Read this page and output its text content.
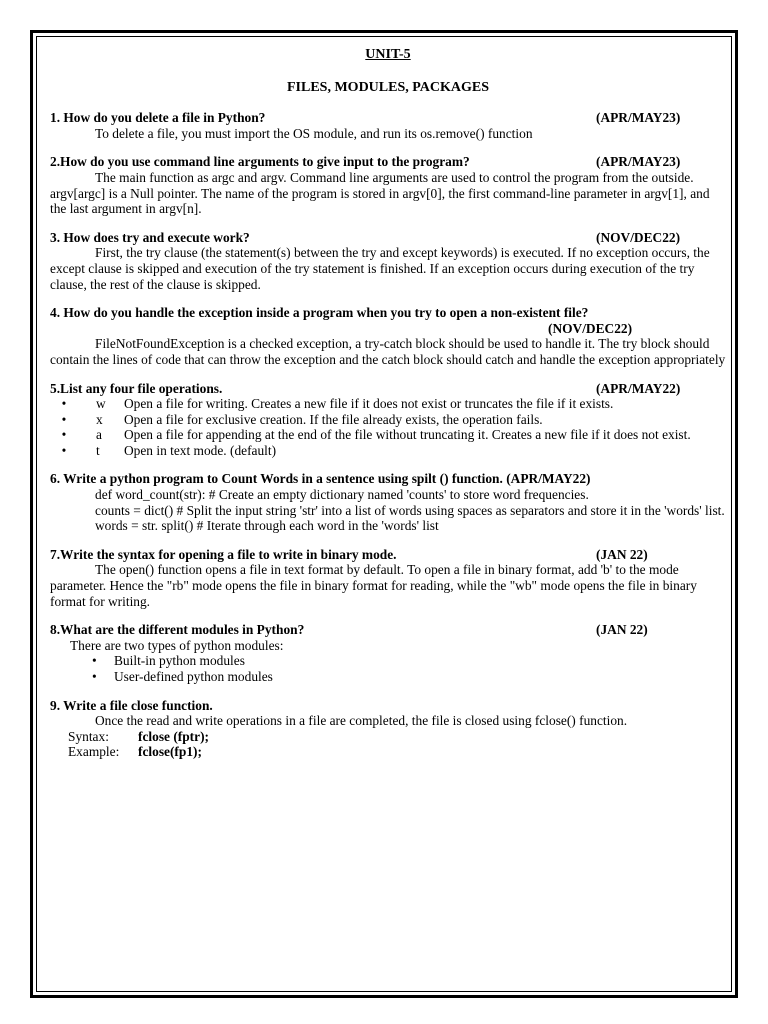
UNIT-5
FILES, MODULES, PACKAGES
1. How do you delete a file in Python?	(APR/MAY23)

To delete a file, you must import the OS module, and run its os.remove() function

2.How do you use command line arguments to give input to the program?	(APR/MAY23)

The main function as argc and argv. Command line arguments are used to control the program from the outside. argv[argc] is a Null pointer. The name of the program is stored in argv[0], the first command-line parameter in argv[1], and the last argument in argv[n].

3. How does try and execute work?	(NOV/DEC22)

First, the try clause (the statement(s) between the try and except keywords) is executed. If no exception occurs, the except clause is skipped and execution of the try statement is finished. If an exception occurs during execution of the try clause, the rest of the clause is skipped.

4. How do you handle the exception inside a program when you try to open a non-existent file?
(NOV/DEC22)

FileNotFoundException is a checked exception, a try-catch block should be used to handle it. The try block should contain the lines of code that can throw the exception and the catch block should catch and handle the exception appropriately

5.List any four file operations.	(APR/MAY22)
•	w	Open a file for writing. Creates a new file if it does not exist or truncates the file if it exists.
•	x	Open a file for exclusive creation. If the file already exists, the operation fails.
•	a	Open a file for appending at the end of the file without truncating it. Creates a new file if it does not exist.
•	t	Open in text mode. (default)
6. Write a python program to Count Words in a sentence using spilt () function. (APR/MAY22)

def word_count(str): # Create an empty dictionary named 'counts' to store word frequencies.

counts = dict() # Split the input string 'str' into a list of words using spaces as separators and store it in the 'words' list.

words = str. split() # Iterate through each word in the 'words' list

7.Write the syntax for opening a file to write in binary mode.	(JAN 22)

The open() function opens a file in text format by default. To open a file in binary format, add 'b' to the mode parameter. Hence the "rb" mode opens the file in binary format for reading, while the "wb" mode opens the file in binary format for writing.

8.What are the different modules in Python?	(JAN 22)

There are two types of python modules:

•	Built-in python modules
•	User-defined python modules
9. Write a file close function.

Once the read and write operations in a file are completed, the file is closed using fclose() function.

Syntax:	fclose (fptr);
Example:	fclose(fp1);
